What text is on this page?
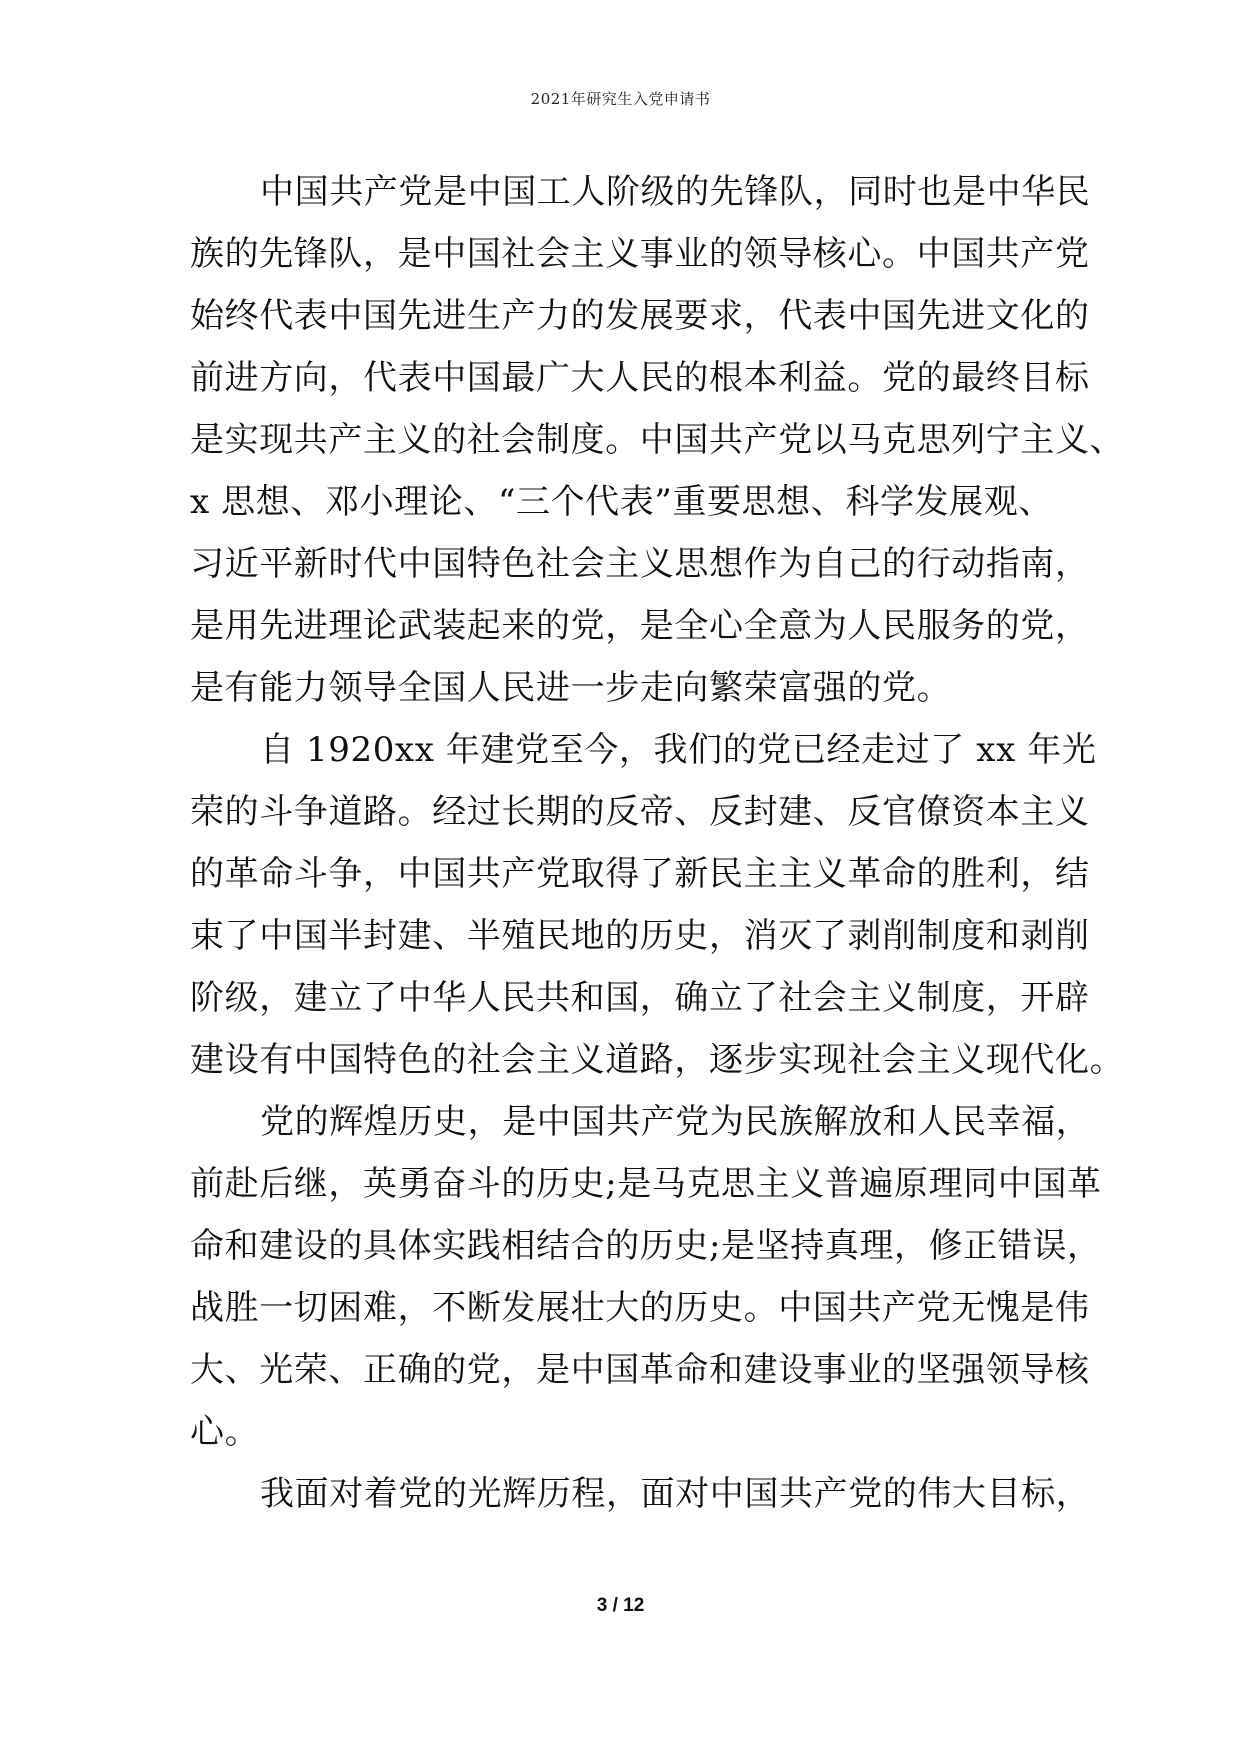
2021年研究生入党申请书
中国共产党是中国工人阶级的先锋队，同时也是中华民
族的先锋队，是中国社会主义事业的领导核心。中国共产党
始终代表中国先进生产力的发展要求，代表中国先进文化的
前进方向，代表中国最广大人民的根本利益。党的最终目标
是实现共产主义的社会制度。中国共产党以马克思列宁主义、
x 思想、邓小理论、“三个代表”重要思想、科学发展观、
习近平新时代中国特色社会主义思想作为自己的行动指南，
是用先进理论武装起来的党，是全心全意为人民服务的党，
是有能力领导全国人民进一步走向繁荣富强的党。
自 1920xx 年建党至今，我们的党已经走过了 xx 年光
荣的斗争道路。经过长期的反帝、反封建、反官僚资本主义
的革命斗争，中国共产党取得了新民主主义革命的胜利，结
束了中国半封建、半殖民地的历史，消灭了剥削制度和剥削
阶级，建立了中华人民共和国，确立了社会主义制度，开辟
建设有中国特色的社会主义道路，逐步实现社会主义现代化。
党的辉煌历史，是中国共产党为民族解放和人民幸福，
前赴后继，英勇奋斗的历史;是马克思主义普遍原理同中国革
命和建设的具体实践相结合的历史;是坚持真理，修正错误，
战胜一切困难，不断发展壮大的历史。中国共产党无愧是伟
大、光荣、正确的党，是中国革命和建设事业的坚强领导核
心。
我面对着党的光辉历程，面对中国共产党的伟大目标，
3 / 12
